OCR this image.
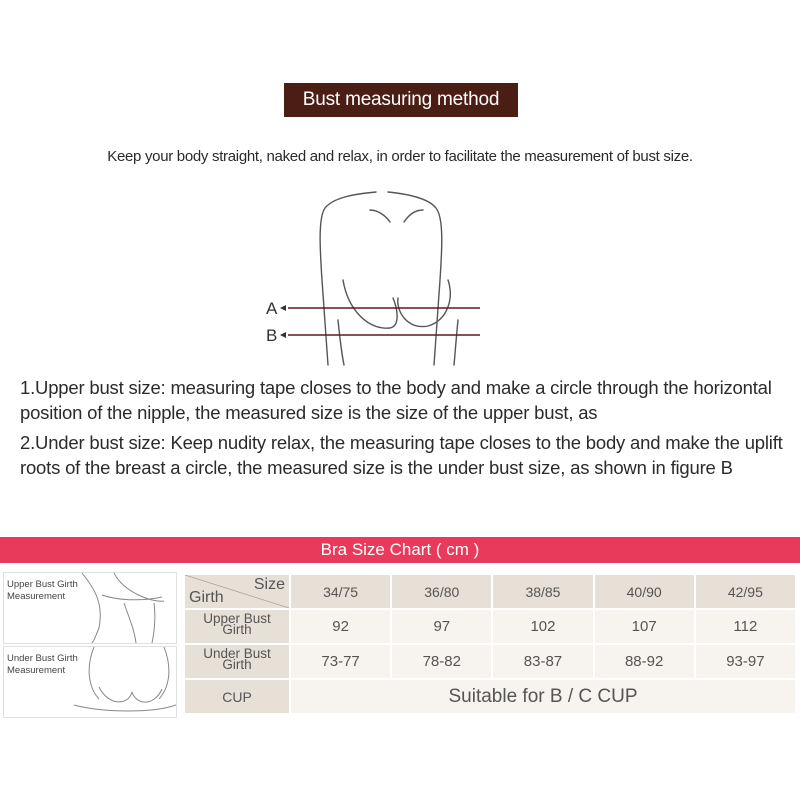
Bust measuring method
Keep your body straight, naked and relax, in order to facilitate the measurement of bust size.
A
B
1.Upper bust size: measuring tape closes to the body and make a circle through the horizontal position of the nipple, the measured size is the size of the upper bust, as
2.Under bust size: Keep nudity relax, the measuring tape closes to the body and make the uplift roots of the breast a circle, the measured size is the under bust size, as shown in figure B
Bra Size Chart ( cm )
Upper Bust Girth
Measurement
Under Bust Girth
Measurement
Size
Girth	34/75	36/80	38/85	40/90	42/95

Upper Bust
Girth	92	97	102	107	112

Under Bust
Girth	73-77	78-82	83-87	88-92	93-97
CUP	Suitable for B / C CUP				
